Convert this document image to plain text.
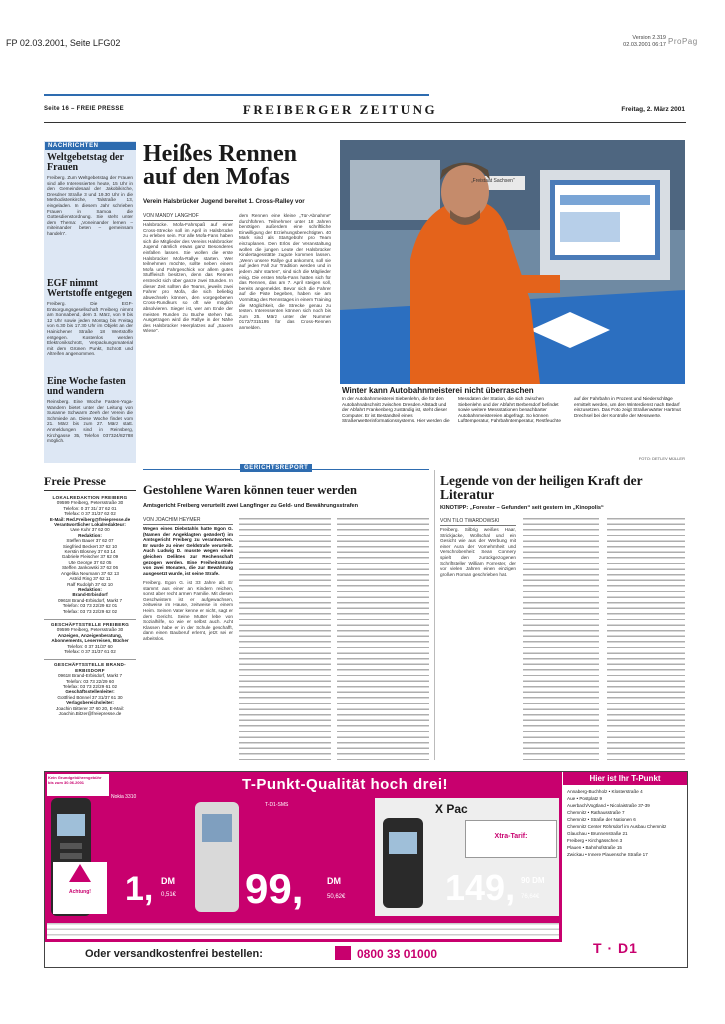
FP 02.03.2001, Seite LFG02	Version 2.319
02.03.2001 06:17 ProPag
Seite 16 – FREIE PRESSE	FREIBERGER ZEITUNG	Freitag, 2. März 2001
NACHRICHTEN
Weltgebetstag der Frauen
Freiberg. Zum Weltgebetstag der Frauen sind alle Interessierten heute, 15 Uhr in den Gemeindesaal der Jakobikirche, Dresdner Straße 3 und 19.30 Uhr in die Methodistenkirche, Talstraße 13, eingeladen. In diesem Jahr schrieben Frauen in Samoa die Gottesdienstordnung. Sie steht unter dem Thema: „Voneinander lernen – miteinander beten – gemeinsam handeln“.
EGF nimmt Wertstoffe entgegen
Freiberg. Die EGF-Entsorgungsgesellschaft Freiberg nimmt am Sonnabend, dem 3. März, von 9 bis 12 Uhr sowie jeden Montag bis Freitag von 6.30 bis 17.30 Uhr im Objekt an der Hainichener Straße 18 Wertstoffe entgegen. Kostenlos werden Elektronikschrott, Verpackungsmaterial mit dem Grünen Punkt, Schrott und Altreifen angenommen.
Eine Woche fasten und wandern
Reinsberg. Eine Woche Fasten-Yoga-Wandern bietet unter der Leitung von Susanne Schwarm Zeeh der Verein die Schmiede an. Diese Woche findet vom 21. März bis zum 27. März statt. Anmeldungen sind in Reinsberg, Kirchgasse 35, Telefon 037324/82788 möglich.
Heißes Rennen auf den Mofas
Verein Halsbrücker Jugend bereitet 1. Cross-Ralley vor
VON MANDY LANGHOF
Halsbrücke. Mofa-Fahrspaß auf einer Cross-Strecke soll im April in Halsbrücke zu erleben sein. Für alle Mofa-Fans haben sich die Mitglieder des Vereins Halsbrücker Jugend nämlich etwas ganz Besonderes einfallen lassen. Sie wollen die erste Halsbrücker Mofa-Rallye starten. Wer teilnehmen möchte, sollte neben einem Mofa und Fahrgeschick vor allem gutes Stuffleisch besitzen, denn das Rennen erstreckt sich über ganze zwei Stunden. In dieser Zeit sollten die Teams, jeweils zwei Fahrer pro Mofa, die sich beliebig abwechseln können, den vorgegebenen Cross-Rundkurs so oft wie möglich absolvieren. Sieger ist, wer am Ende der meisten Runden zu Buche stehen hat. Ausgetragen wird die Rallye in der Nähe des Halsbrücker Heerplatzes auf „Saxem Wiese“.
dem Rennen eine kleine „Tür-Abnahme“ durchführen. Teilnehmer unter 18 Jahren benötigen außerdem eine schriftliche Einwilligung der Erziehungsberechtigten. 40 Mark sind als Startgebühr pro Team einzuplanen. Den Erlös der Veranstaltung wollen die jungen Leute der Halsbrücker Kindertagesstätte zugute kommen lassen. „Wenn unsere Rallye gut ankommt, soll sie auf jeden Fall zur Tradition werden und in jedem Jahr starten“, sind sich die Mitglieder einig. Die ersten Mofa-Fans hatten sich für das Rennen, das am 7. April steigen soll, bereits angemeldet. Bevor sich die Fahrer auf die Piste begeben, haben sie am Vormittag des Rennstages in einem Training die Möglichkeit, die Strecke genau zu testen. Interessenten können sich noch bis zum 25. März unter der Nummer 0172/7315195 für das Cross-Rennen anmelden.
„Freistaat Sachsen“
Winter kann Autobahnmeisterei nicht überraschen
In der Autobahnmeisterei Siebenlehn, die für den Autobahnabschnitt zwischen Dresden Altstadt und der Abfahrt Frankenberg zuständig ist, steht dieser Computer. Er ist Bestandteil eines Straßenwetterinformationssystems. Hier werden die Messdaten der Station, die sich zwischen Siebenlehn und der Abfahrt Berbersdorf befindet sowie weitere Messstationen benachbarter Autobahnmeistereien abgefragt. So können Lufttemperatur, Fahrbahntemperatur, Restfeuchte auf der Fahrbahn in Prozent und Niederschläge ermittelt werden, um den Winterdienst nach Bedarf einzusetzen. Das Foto zeigt Straßenwärter Hartmut Drechsel bei der Kontrolle der Messwerte.
FOTO: DETLEV MÜLLER
GERICHTSREPORT
Freie Presse
LOKALREDAKTION FREIBERG
09599 Freiberg, Petersstraße 30
Telefon: 0 37 31/ 37 62 01
Telefax: 0 37 31/37 62 02
E-Mail: Red.Freiberg@freiepresse.de
Verantwortlicher Lokalredakteur:
Uwe Kuhr 37 62 00
Redaktion:
Steffen Bauer 37 62 07
Siegfried Beckert 37 62 10
Kerstin Blosney 37 63 14
Gabriele Fleischer 37 62 09
Ute George 37 62 05
Steffen Jankowski 37 62 06
Angelika Neumann 37 62 13
Astrid Ring 37 62 11
Ralf Rudolph 37 62 10
Redaktion:
Brand-Erbisdorf
09618 Brand-Erbisdorf, Markt 7
Telefon: 03 73 22/29 62 01
Telefax: 03 73 22/29 62 02
GESCHÄFTSSTELLE FREIBERG
09599 Freiberg, Petersstraße 30
Anzeigen, Anzeigenberatung,
Abonnements, Leserreisen, Bücher
Telefon: 0 37 31/37 60
Telefax: 0 37 31/37 61 02
GESCHÄFTSSTELLE BRAND-ERBISDORF
09618 Brand-Erbisdorf, Markt 7
Telefon: 03 73 22/29 60
Telefax: 03 73 22/29 61 02
Geschäftsstellenleiter:
Gottfried Bönnel 37 31/37 61 30
Verlagsbereichsleiter:
Joachin Bitterer 37 60 20, E-Mail:
Joachin.Bitzer@freiepresse.de
Gestohlene Waren können teuer werden
Amtsgericht Freiberg verurteilt zwei Langfinger zu Geld- und Bewährungsstrafen
VON JOACHIM HEYMER
Wegen eines Diebstahls hatte Egon G. (Namen der Angeklagten geändert) im Amtsgericht Freiberg zu verantworten. Er wurde zu einer Geldstrafe verurteilt. Auch Ludwig D. musste wegen eines gleichen Deliktes zur Rechenschaft gezogen werden. Eine Freiheitsstrafe von zwei Monaten, die zur Bewährung ausgesetzt wurde, ist seine Strafe.
Freiberg. Egon G. ist 33 Jahre alt. Er stammt aus einer an Kindern reichen, sonst aber recht armen Familie. Mit diesen Geschwistern ist er aufgewachsen, zeitweise im Hause, zeitweise in einem Heim. Seinen Vater kenne er nicht, sagt er dem Gericht. Seine Mutter lebe von Sozialhilfe, so wie er selbst auch. Acht Klassen habe er in der Schule geschafft, dann einen Bauberuf erlernt, jetzt sei er arbeitslos.
Legende von der heiligen Kraft der Literatur
KINOTIPP: „Forester – Gefunden“ seit gestern im „Kinopolis“
VON TILO TWARDOWSKI
Freiberg. Silbrig weißes Haar, Strickjacke, Wollschal und ein Gesicht wie aus der Werbung mit einer Aura der Vornehmheit und Verschrobenheit: Sean Connery spielt den zurückgezogenen Schriftsteller William Forrester, der vor vielen Jahren einen einzigen großen Roman geschrieben hat.
Kein Grundgebührengebühr bis zum 30.06.2001	T-Punkt-Qualität hoch drei!
Achtung!
Nokia 3310
1, DM
0,51€
T-D1-SMS
99,	DM
50,62€
X Pac
Xtra-Tarif:
149, 90 DM
76,64€
Oder versandkostenfrei bestellen:	0800 33 01000
Hier ist Ihr T-Punkt
Annaberg-Buchholz • Klosterstraße 4
Aue • Postplatz 9
Auerbach/Vogtland • Nicolaistraße 37-39
Chemnitz • Rathausstraße 7
Chemnitz • Straße der Nationen 6
Chemnitz Center Röhrsdorf im Ausbau Chemnitz
Glauchau • Brunnenstraße 21
Freiberg • Kirchgässchen 3
Plauen • Bahnhofstraße 15
Zwickau • Innere Plauensche Straße 17
T · D1
